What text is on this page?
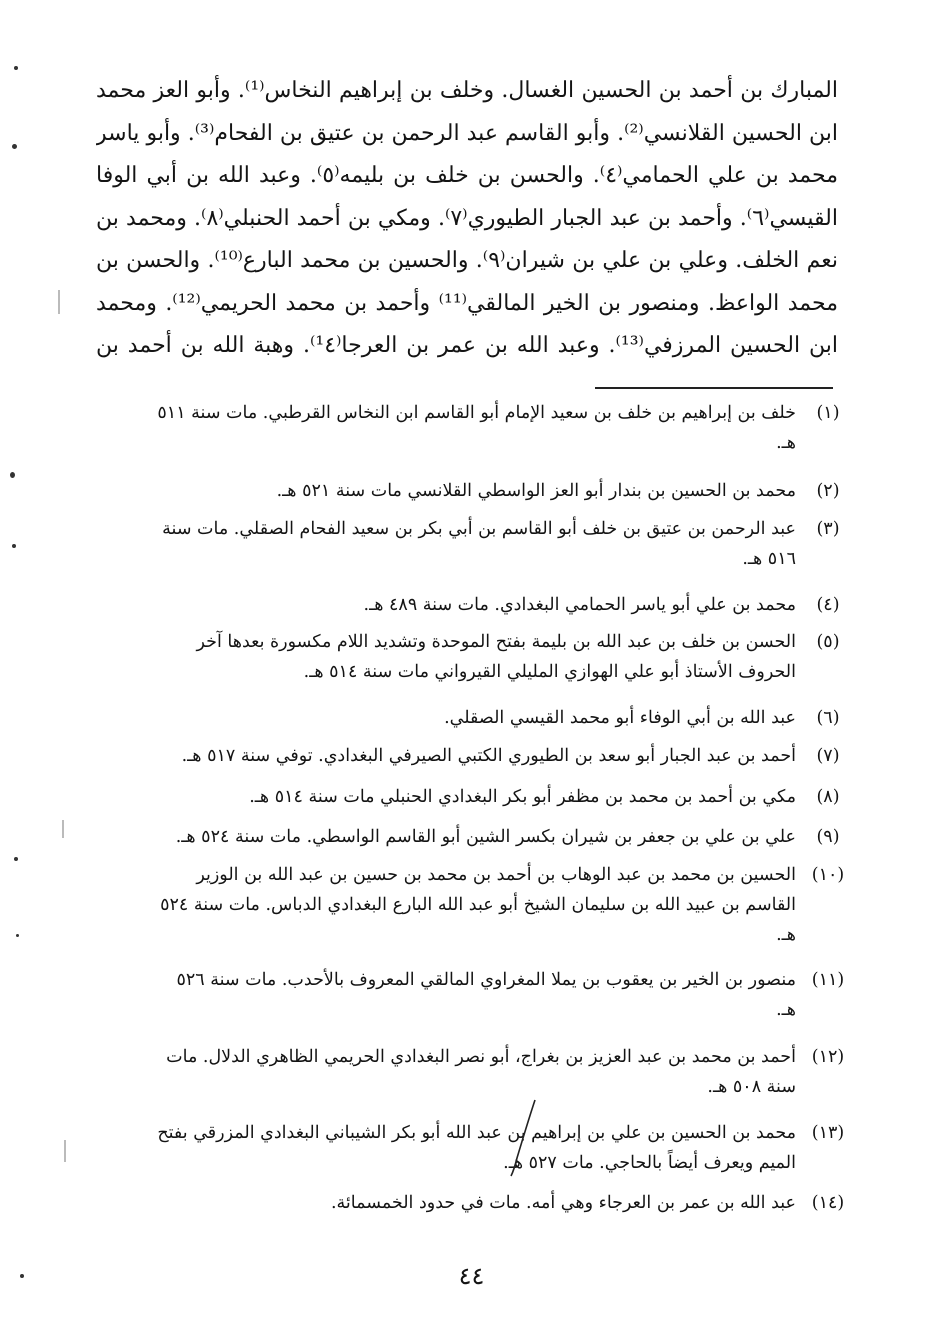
المبارك بن أحمد بن الحسين الغسال. وخلف بن إبراهيم النخاس⁽¹⁾. وأبو العز محمد
ابن الحسين القلانسي⁽²⁾. وأبو القاسم عبد الرحمن بن عتيق بن الفحام⁽³⁾. وأبو ياسر
محمد بن علي الحمامي⁽٤⁾. والحسن بن خلف بن بليمه⁽٥⁾. وعبد الله بن أبي الوفا
القيسي⁽٦⁾. وأحمد بن عبد الجبار الطيوري⁽٧⁾. ومكي بن أحمد الحنبلي⁽٨⁾. ومحمد بن
نعم الخلف. وعلي بن علي بن شيران⁽٩⁾. والحسين بن محمد البارع⁽¹⁰⁾. والحسن بن
محمد الواعظ. ومنصور بن الخير المالقي⁽¹¹⁾ وأحمد بن محمد الحريمي⁽¹²⁾. ومحمد
ابن الحسين المرزفي⁽¹³⁾. وعبد الله بن عمر بن العرجا⁽¹٤⁾. وهبة الله بن أحمد بن
(١)
خلف بن إبراهيم بن خلف بن سعيد الإمام أبو القاسم ابن النخاس القرطبي. مات سنة ٥١١
هـ.
(٢)
محمد بن الحسين بن بندار أبو العز الواسطي القلانسي مات سنة ٥٢١ هـ.
(٣)
عبد الرحمن بن عتيق بن خلف أبو القاسم بن أبي بكر بن سعيد الفحام الصقلي. مات سنة
٥١٦ هـ.
(٤)
محمد بن علي أبو ياسر الحمامي البغدادي. مات سنة ٤٨٩ هـ.
(٥)
الحسن بن خلف بن عبد الله بن بليمة بفتح الموحدة وتشديد اللام مكسورة بعدها آخر
الحروف الأستاذ أبو علي الهوازي المليلي القيرواني مات سنة ٥١٤ هـ.
(٦)
عبد الله بن أبي الوفاء أبو محمد القيسي الصقلي.
(٧)
أحمد بن عبد الجبار أبو سعد بن الطيوري الكتبي الصيرفي البغدادي. توفي سنة ٥١٧ هـ.
(٨)
مكي بن أحمد بن محمد بن مظفر أبو بكر البغدادي الحنبلي مات سنة ٥١٤ هـ.
(٩)
علي بن علي بن جعفر بن شيران بكسر الشين أبو القاسم الواسطي. مات سنة ٥٢٤ هـ.
(١٠)
الحسين بن محمد بن عبد الوهاب بن أحمد بن محمد بن حسين بن عبد الله بن الوزير
القاسم بن عبيد الله بن سليمان الشيخ أبو عبد الله البارع البغدادي الدباس. مات سنة ٥٢٤
هـ.
(١١)
منصور بن الخير بن يعقوب بن يملا المغراوي المالقي المعروف بالأحدب. مات سنة ٥٢٦
هـ.
(١٢)
أحمد بن محمد بن عبد العزيز بن بغراج، أبو نصر البغدادي الحريمي الظاهري الدلال. مات
سنة ٥٠٨ هـ.
(١٣)
محمد بن الحسين بن علي بن إبراهيم بن عبد الله أبو بكر الشيباني البغدادي المزرقي بفتح
الميم ويعرف أيضاً بالحاجي. مات ٥٢٧ هـ.
(١٤)
عبد الله بن عمر بن العرجاء وهي أمه. مات في حدود الخمسمائة.
٤٤
